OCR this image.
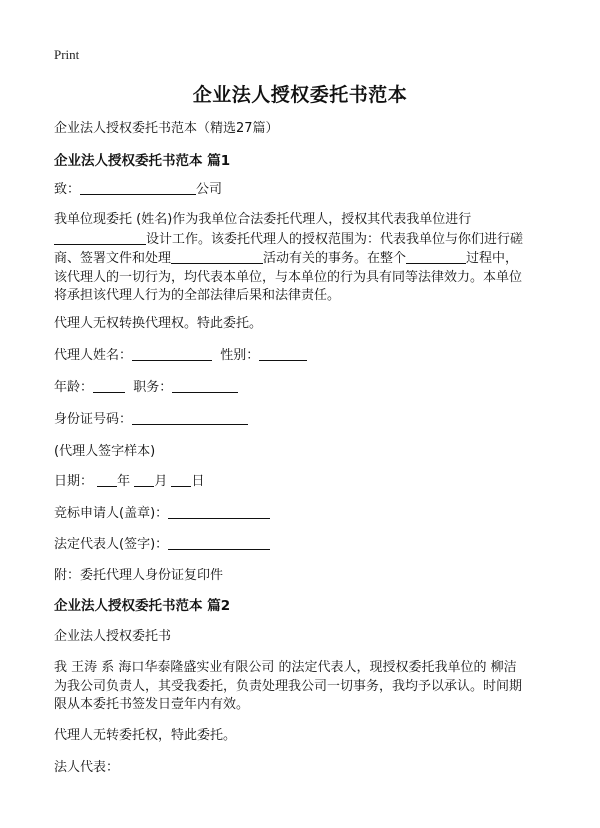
Print
企业法人授权委托书范本

企业法人授权委托书范本（精选27篇）

企业法人授权委托书范本 篇1

致：	公司

我单位现委托 (姓名)作为我单位合法委托代理人，授权其代表我单位进行
设计工作。该委托代理人的授权范围为：代表我单位与你们进行磋
商、签署文件和处理	活动有关的事务。在整个	过程中，
该代理人的一切行为，均代表本单位，与本单位的行为具有同等法律效力。本单位
将承担该代理人行为的全部法律后果和法律责任。

代理人无权转换代理权。特此委托。

代理人姓名：	性别：

年龄：	职务：

身份证号码：

(代理人签字样本)

日期： 年 月 日

竞标申请人(盖章)：

法定代表人(签字)：

附：委托代理人身份证复印件

企业法人授权委托书范本 篇2

企业法人授权委托书

我 王涛 系 海口华泰隆盛实业有限公司 的法定代表人，现授权委托我单位的 柳洁
为我公司负责人，其受我委托，负责处理我公司一切事务，我均予以承认。时间期
限从本委托书签发日壹年内有效。

代理人无转委托权，特此委托。

法人代表：
